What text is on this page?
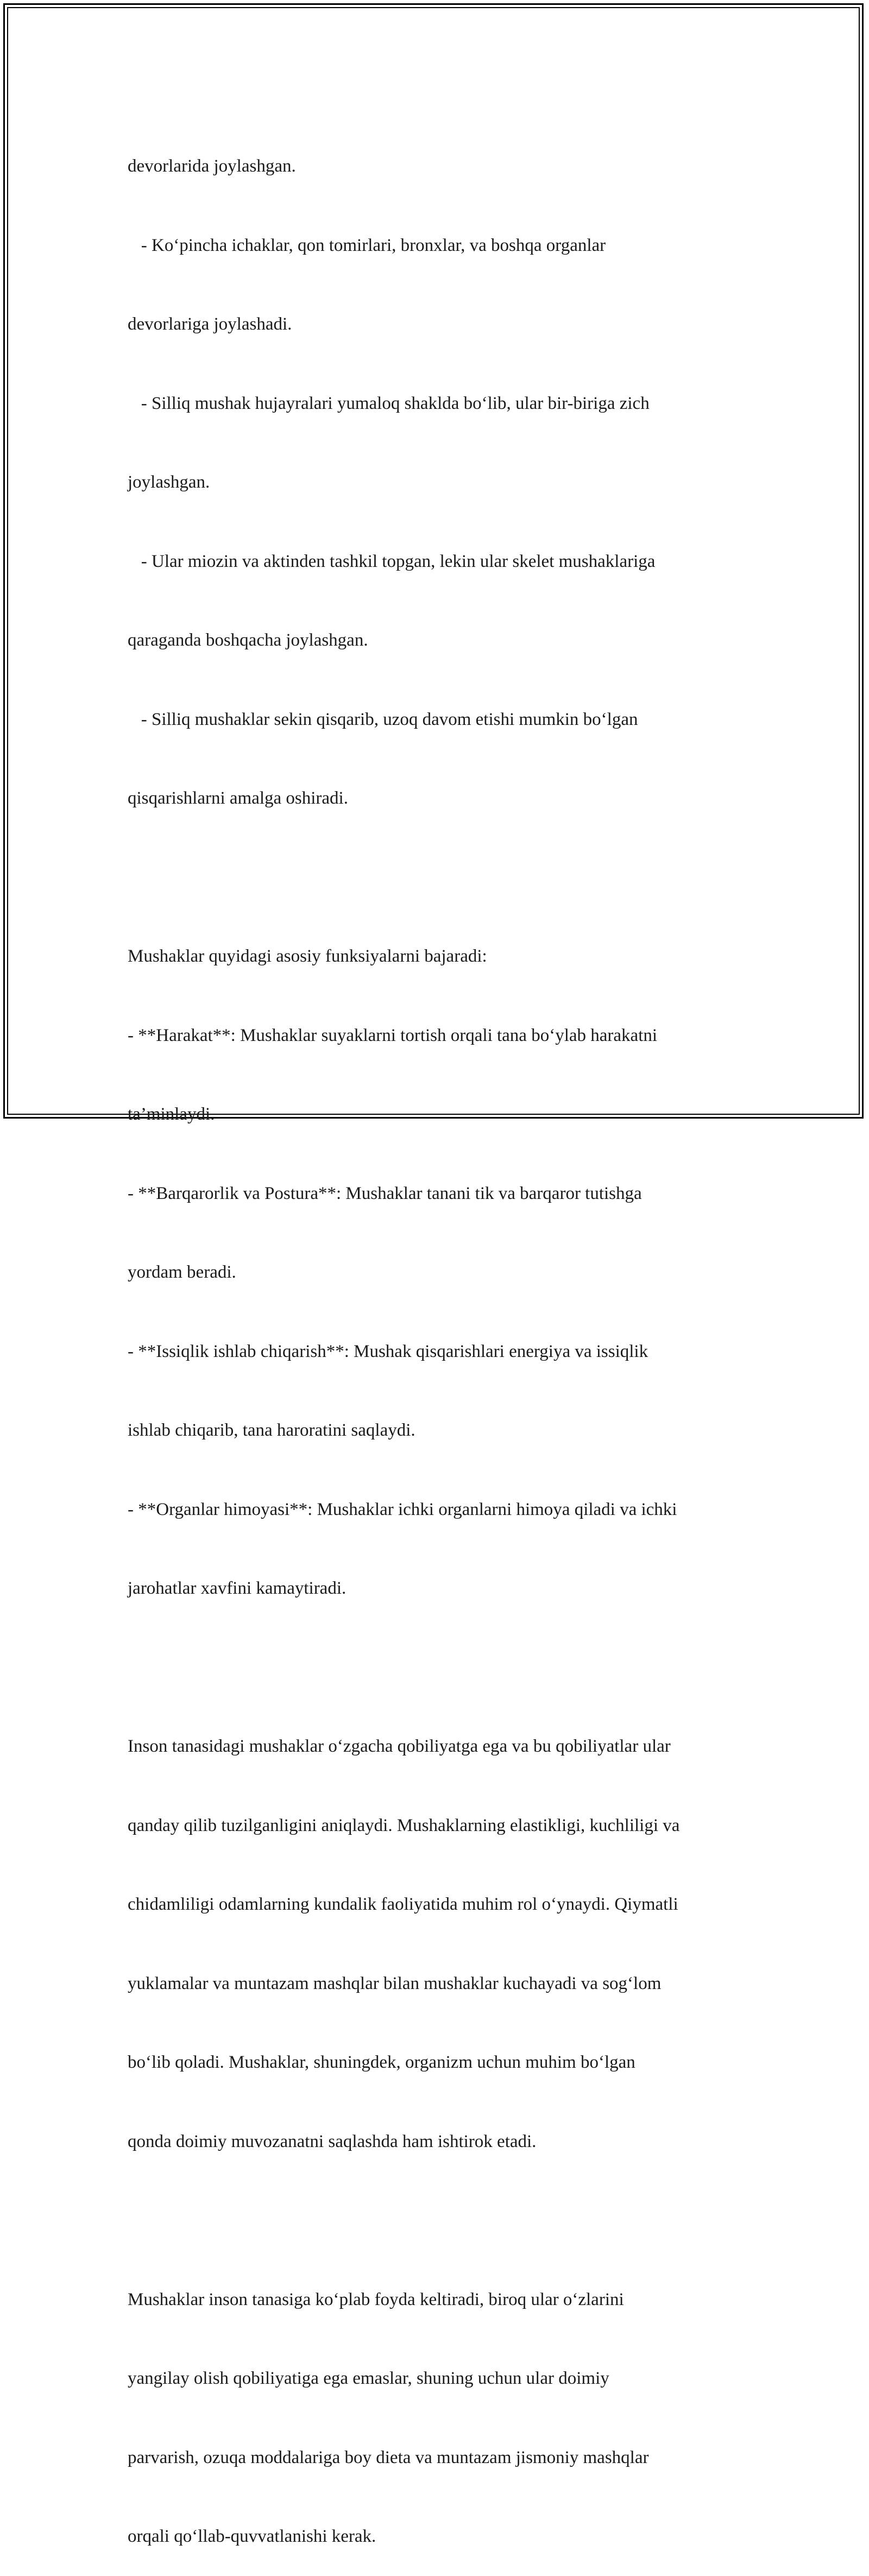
devorlarida joylashgan.

- Ko‘pincha ichaklar, qon tomirlari, bronxlar, va boshqa organlar

devorlariga joylashadi.

- Silliq mushak hujayralari yumaloq shaklda bo‘lib, ular bir-biriga zich

joylashgan.

- Ular miozin va aktinden tashkil topgan, lekin ular skelet mushaklariga

qaraganda boshqacha joylashgan.

- Silliq mushaklar sekin qisqarib, uzoq davom etishi mumkin bo‘lgan

qisqarishlarni amalga oshiradi.

Mushaklar quyidagi asosiy funksiyalarni bajaradi:

- **Harakat**: Mushaklar suyaklarni tortish orqali tana bo‘ylab harakatni

ta’minlaydi.

- **Barqarorlik va Postura**: Mushaklar tanani tik va barqaror tutishga

yordam beradi.

- **Issiqlik ishlab chiqarish**: Mushak qisqarishlari energiya va issiqlik

ishlab chiqarib, tana haroratini saqlaydi.

- **Organlar himoyasi**: Mushaklar ichki organlarni himoya qiladi va ichki

jarohatlar xavfini kamaytiradi.

Inson tanasidagi mushaklar o‘zgacha qobiliyatga ega va bu qobiliyatlar ular

qanday qilib tuzilganligini aniqlaydi. Mushaklarning elastikligi, kuchliligi va

chidamliligi odamlarning kundalik faoliyatida muhim rol o‘ynaydi. Qiymatli

yuklamalar va muntazam mashqlar bilan mushaklar kuchayadi va sog‘lom

bo‘lib qoladi. Mushaklar, shuningdek, organizm uchun muhim bo‘lgan

qonda doimiy muvozanatni saqlashda ham ishtirok etadi.

Mushaklar inson tanasiga ko‘plab foyda keltiradi, biroq ular o‘zlarini

yangilay olish qobiliyatiga ega emaslar, shuning uchun ular doimiy

parvarish, ozuqa moddalariga boy dieta va muntazam jismoniy mashqlar

orqali qo‘llab-quvvatlanishi kerak.
